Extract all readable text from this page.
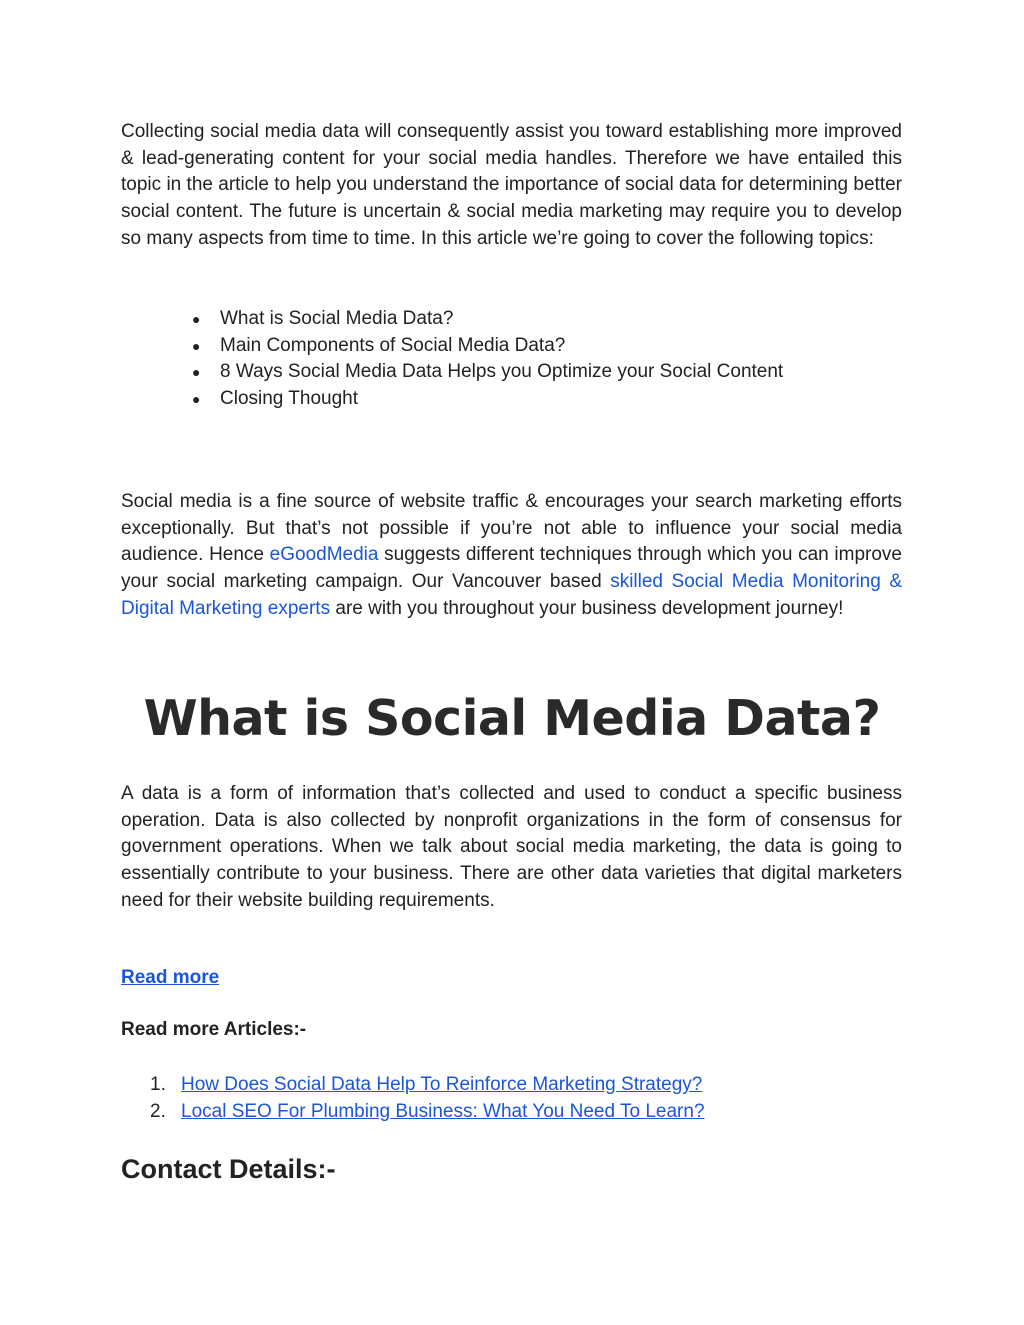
Collecting social media data will consequently assist you toward establishing more improved & lead-generating content for your social media handles. Therefore we have entailed this topic in the article to help you understand the importance of social data for determining better social content. The future is uncertain & social media marketing may require you to develop so many aspects from time to time. In this article we’re going to cover the following topics:

● What is Social Media Data?
● Main Components of Social Media Data?
● 8 Ways Social Media Data Helps you Optimize your Social Content
● Closing Thought

Social media is a fine source of website traffic & encourages your search marketing efforts exceptionally. But that’s not possible if you’re not able to influence your social media audience. Hence eGoodMedia suggests different techniques through which you can improve your social marketing campaign. Our Vancouver based skilled Social Media Monitoring & Digital Marketing experts are with you throughout your business development journey!

What is Social Media Data?

A data is a form of information that’s collected and used to conduct a specific business operation. Data is also collected by nonprofit organizations in the form of consensus for government operations. When we talk about social media marketing, the data is going to essentially contribute to your business. There are other data varieties that digital marketers need for their website building requirements.

Read more
Read more Articles:-
1. How Does Social Data Help To Reinforce Marketing Strategy?
2. Local SEO For Plumbing Business: What You Need To Learn?
Contact Details:-
